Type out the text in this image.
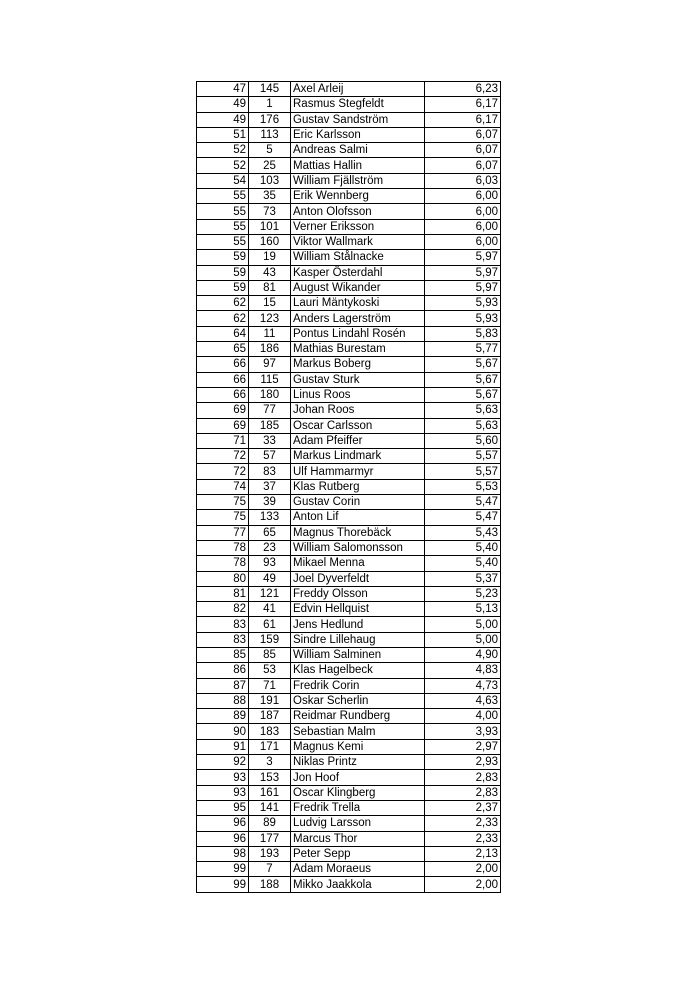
47	145	Axel Arleij	6,23
49	1	Rasmus Stegfeldt	6,17
49	176	Gustav Sandström	6,17
51	113	Eric Karlsson	6,07
52	5	Andreas Salmi	6,07
52	25	Mattias Hallin	6,07
54	103	William Fjällström	6,03
55	35	Erik Wennberg	6,00
55	73	Anton Olofsson	6,00
55	101	Verner Eriksson	6,00
55	160	Viktor Wallmark	6,00
59	19	William Stålnacke	5,97
59	43	Kasper Österdahl	5,97
59	81	August Wikander	5,97
62	15	Lauri Mäntykoski	5,93
62	123	Anders Lagerström	5,93
64	11	Pontus Lindahl Rosén	5,83
65	186	Mathias Burestam	5,77
66	97	Markus Boberg	5,67
66	115	Gustav Sturk	5,67
66	180	Linus Roos	5,67
69	77	Johan Roos	5,63
69	185	Oscar Carlsson	5,63
71	33	Adam Pfeiffer	5,60
72	57	Markus Lindmark	5,57
72	83	Ulf Hammarmyr	5,57
74	37	Klas Rutberg	5,53
75	39	Gustav Corin	5,47
75	133	Anton Lif	5,47
77	65	Magnus Thorebäck	5,43
78	23	William Salomonsson	5,40
78	93	Mikael Menna	5,40
80	49	Joel Dyverfeldt	5,37
81	121	Freddy Olsson	5,23
82	41	Edvin Hellquist	5,13
83	61	Jens Hedlund	5,00
83	159	Sindre Lillehaug	5,00
85	85	William Salminen	4,90
86	53	Klas Hagelbeck	4,83
87	71	Fredrik Corin	4,73
88	191	Oskar Scherlin	4,63
89	187	Reidmar Rundberg	4,00
90	183	Sebastian Malm	3,93
91	171	Magnus Kemi	2,97
92	3	Niklas Printz	2,93
93	153	Jon Hoof	2,83
93	161	Oscar Klingberg	2,83
95	141	Fredrik Trella	2,37
96	89	Ludvig Larsson	2,33
96	177	Marcus Thor	2,33
98	193	Peter Sepp	2,13
99	7	Adam Moraeus	2,00
99	188	Mikko Jaakkola	2,00
